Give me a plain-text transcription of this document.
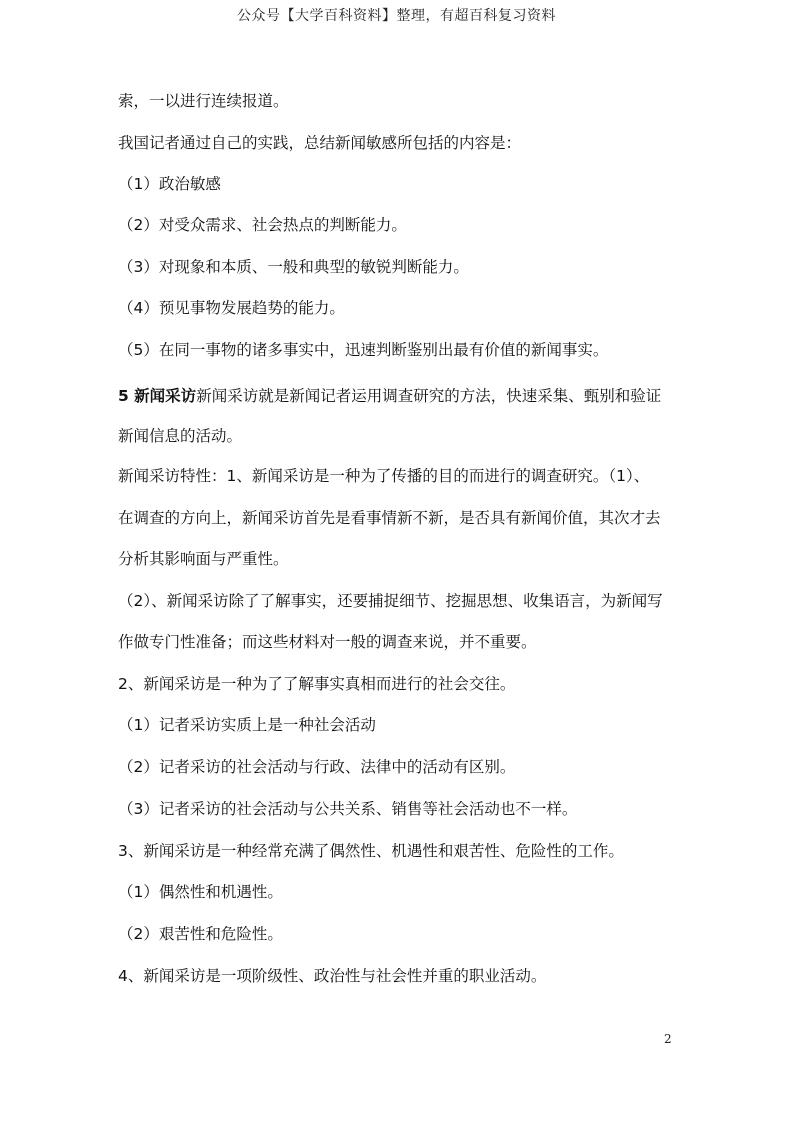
公众号【大学百科资料】整理，有超百科复习资料
索，一以进行连续报道。
我国记者通过自己的实践，总结新闻敏感所包括的内容是：
（1）政治敏感
（2）对受众需求、社会热点的判断能力。
（3）对现象和本质、一般和典型的敏锐判断能力。
（4）预见事物发展趋势的能力。
（5）在同一事物的诸多事实中，迅速判断鉴别出最有价值的新闻事实。
5 新闻采访新闻采访就是新闻记者运用调查研究的方法，快速采集、甄别和验证
新闻信息的活动。
新闻采访特性：1、新闻采访是一种为了传播的目的而进行的调查研究。（1）、
在调查的方向上，新闻采访首先是看事情新不新，是否具有新闻价值，其次才去
分析其影响面与严重性。
（2）、新闻采访除了了解事实，还要捕捉细节、挖掘思想、收集语言，为新闻写
作做专门性准备；而这些材料对一般的调查来说，并不重要。
2、新闻采访是一种为了了解事实真相而进行的社会交往。
（1）记者采访实质上是一种社会活动
（2）记者采访的社会活动与行政、法律中的活动有区别。
（3）记者采访的社会活动与公共关系、销售等社会活动也不一样。
3、新闻采访是一种经常充满了偶然性、机遇性和艰苦性、危险性的工作。
（1）偶然性和机遇性。
（2）艰苦性和危险性。
4、新闻采访是一项阶级性、政治性与社会性并重的职业活动。
2
